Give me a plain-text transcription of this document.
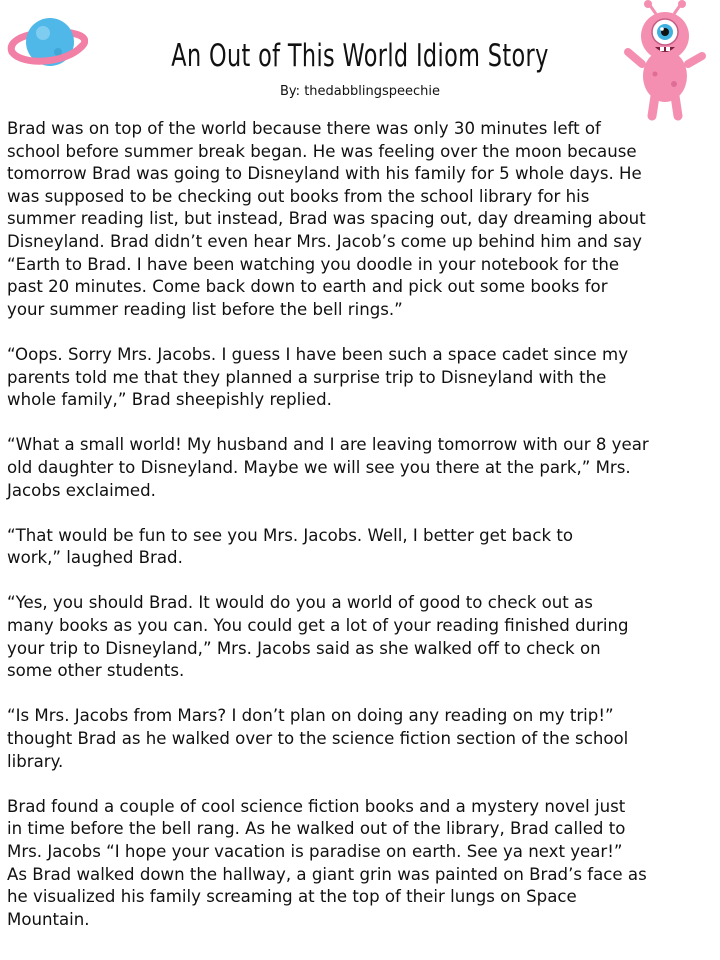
An Out of This World Idiom Story
By: thedabblingspeechie
Brad was on top of the world because there was only 30 minutes left of
school before summer break began. He was feeling over the moon because
tomorrow Brad was going to Disneyland with his family for 5 whole days. He
was supposed to be checking out books from the school library for his
summer reading list, but instead, Brad was spacing out, day dreaming about
Disneyland. Brad didn’t even hear Mrs. Jacob’s come up behind him and say
“Earth to Brad. I have been watching you doodle in your notebook for the
past 20 minutes. Come back down to earth and pick out some books for
your summer reading list before the bell rings.”
“Oops. Sorry Mrs. Jacobs. I guess I have been such a space cadet since my
parents told me that they planned a surprise trip to Disneyland with the
whole family,” Brad sheepishly replied.
“What a small world! My husband and I are leaving tomorrow with our 8 year
old daughter to Disneyland. Maybe we will see you there at the park,” Mrs.
Jacobs exclaimed.
“That would be fun to see you Mrs. Jacobs. Well, I better get back to
work,” laughed Brad.
“Yes, you should Brad. It would do you a world of good to check out as
many books as you can. You could get a lot of your reading finished during
your trip to Disneyland,” Mrs. Jacobs said as she walked off to check on
some other students.
“Is Mrs. Jacobs from Mars? I don’t plan on doing any reading on my trip!”
thought Brad as he walked over to the science fiction section of the school
library.
Brad found a couple of cool science fiction books and a mystery novel just
in time before the bell rang. As he walked out of the library, Brad called to
Mrs. Jacobs “I hope your vacation is paradise on earth. See ya next year!”
As Brad walked down the hallway, a giant grin was painted on Brad’s face as
he visualized his family screaming at the top of their lungs on Space
Mountain.
